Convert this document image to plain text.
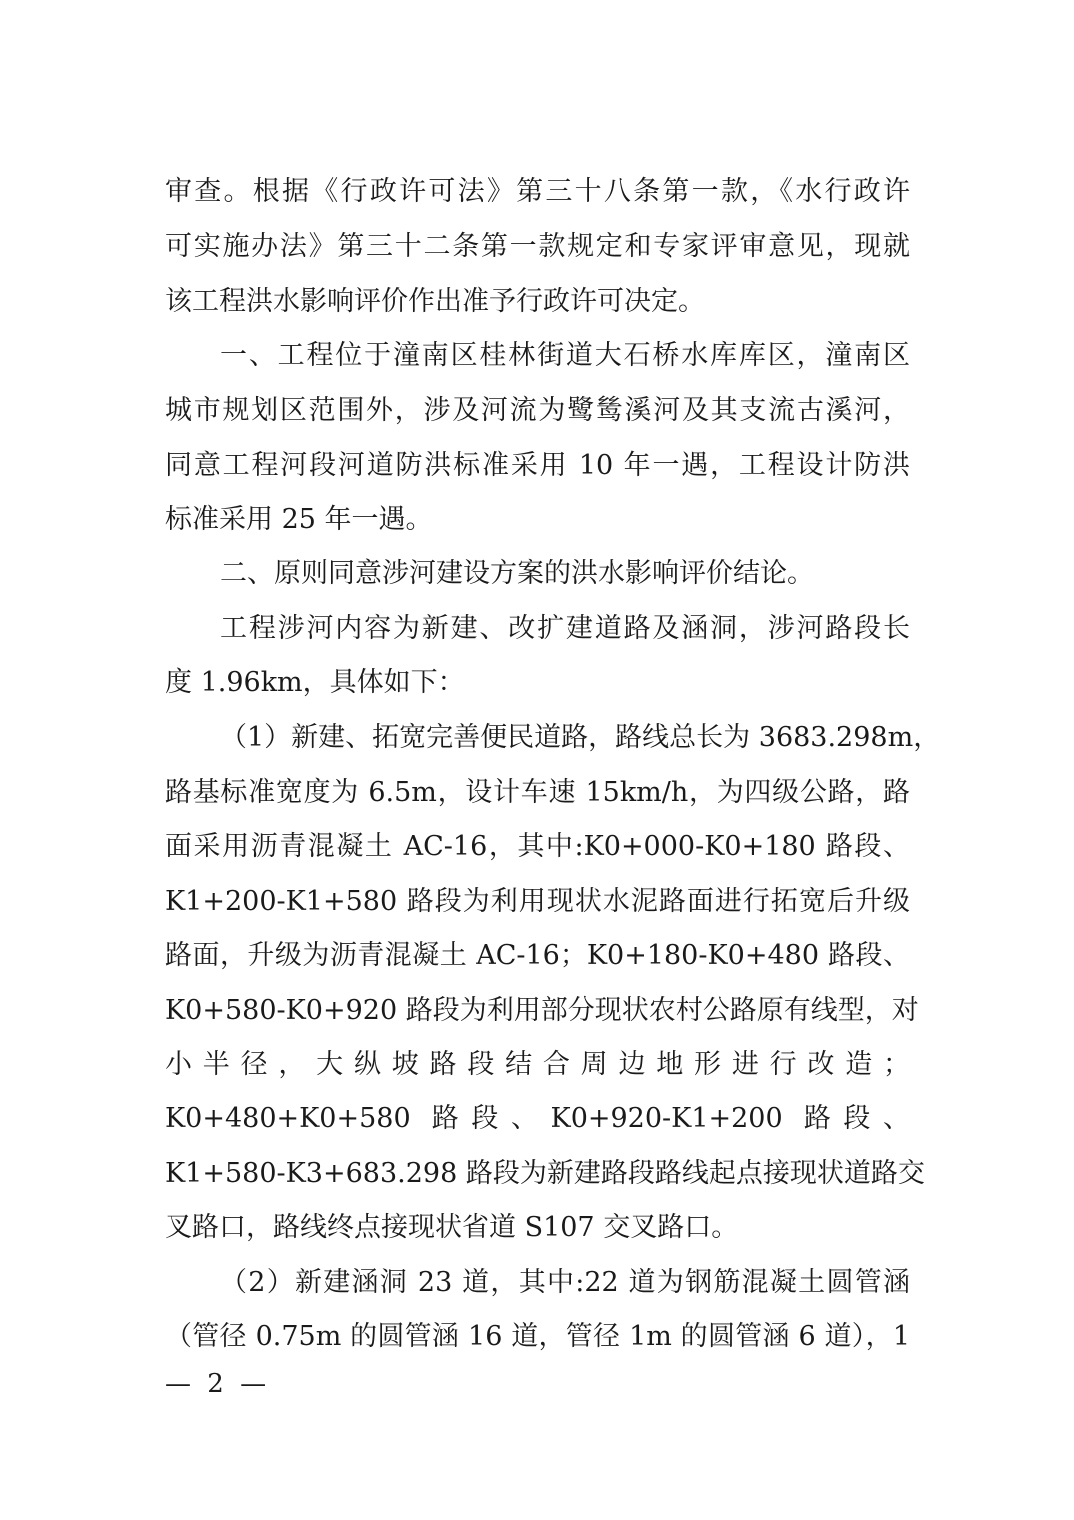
审查。根据《行政许可法》第三十八条第一款，《水行政许
可实施办法》第三十二条第一款规定和专家评审意见，现就
该工程洪水影响评价作出准予行政许可决定。
一、工程位于潼南区桂林街道大石桥水库库区，潼南区
城市规划区范围外，涉及河流为鹭鸶溪河及其支流古溪河，
同意工程河段河道防洪标准采用 10 年一遇，工程设计防洪
标准采用 25 年一遇。
二、原则同意涉河建设方案的洪水影响评价结论。
工程涉河内容为新建、改扩建道路及涵洞，涉河路段长
度 1.96km，具体如下：
（1）新建、拓宽完善便民道路，路线总长为 3683.298m，
路基标准宽度为 6.5m，设计车速 15km/h，为四级公路，路
面采用沥青混凝土 AC-16，其中:K0+000-K0+180 路段、
K1+200-K1+580 路段为利用现状水泥路面进行拓宽后升级
路面，升级为沥青混凝土 AC-16；K0+180-K0+480 路段、
K0+580-K0+920 路段为利用部分现状农村公路原有线型，对
小半径，大纵坡路段结合周边地形进行改造；
K0+480+K0+580 路段、K0+920-K1+200 路段、
K1+580-K3+683.298 路段为新建路段路线起点接现状道路交
叉路口，路线终点接现状省道 S107 交叉路口。
（2）新建涵洞 23 道，其中:22 道为钢筋混凝土圆管涵
（管径 0.75m 的圆管涵 16 道，管径 1m 的圆管涵 6 道），1
— 2 —
